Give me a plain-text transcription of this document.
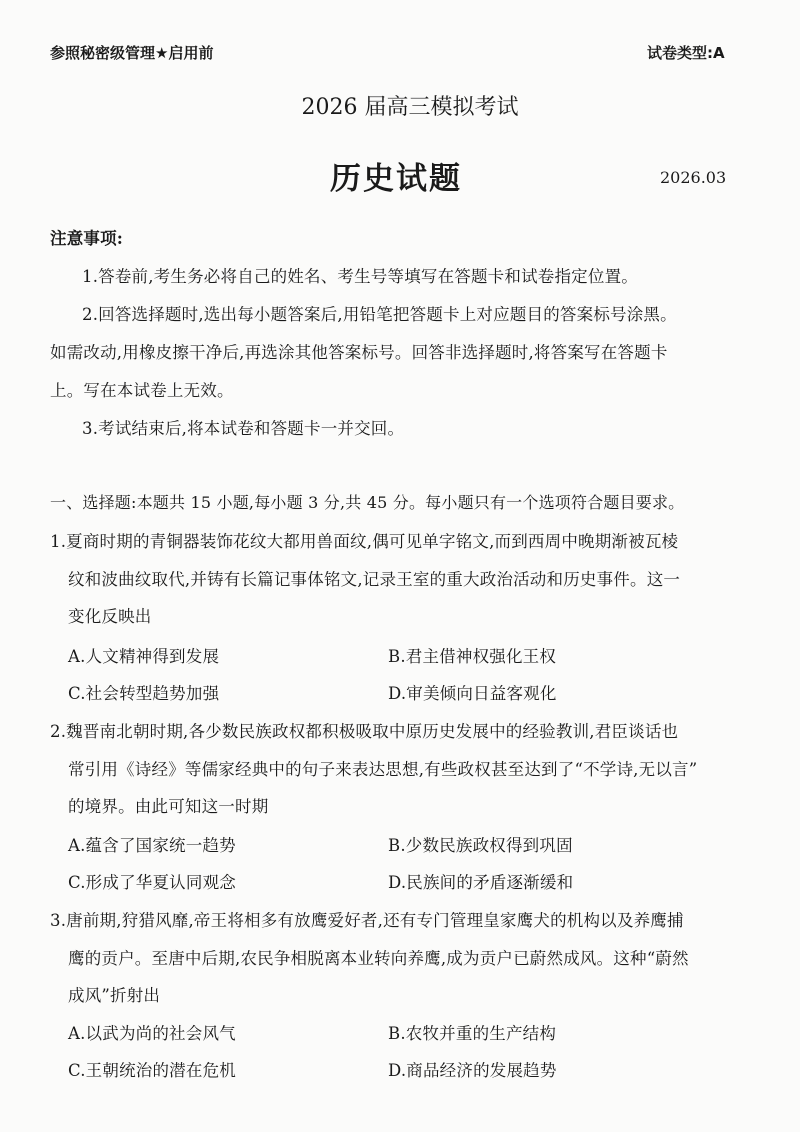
参照秘密级管理★启用前	试卷类型:A
2026 届高三模拟考试
历史试题	2026.03
注意事项:
1.答卷前,考生务必将自己的姓名、考生号等填写在答题卡和试卷指定位置。
2.回答选择题时,选出每小题答案后,用铅笔把答题卡上对应题目的答案标号涂黑。
如需改动,用橡皮擦干净后,再选涂其他答案标号。回答非选择题时,将答案写在答题卡
上。写在本试卷上无效。
3.考试结束后,将本试卷和答题卡一并交回。
一、选择题:本题共 15 小题,每小题 3 分,共 45 分。每小题只有一个选项符合题目要求。
1.夏商时期的青铜器装饰花纹大都用兽面纹,偶可见单字铭文,而到西周中晚期渐被瓦棱
纹和波曲纹取代,并铸有长篇记事体铭文,记录王室的重大政治活动和历史事件。这一
变化反映出
A.人文精神得到发展	B.君主借神权强化王权
C.社会转型趋势加强	D.审美倾向日益客观化
2.魏晋南北朝时期,各少数民族政权都积极吸取中原历史发展中的经验教训,君臣谈话也
常引用《诗经》等儒家经典中的句子来表达思想,有些政权甚至达到了“不学诗,无以言”
的境界。由此可知这一时期
A.蕴含了国家统一趋势	B.少数民族政权得到巩固
C.形成了华夏认同观念	D.民族间的矛盾逐渐缓和
3.唐前期,狩猎风靡,帝王将相多有放鹰爱好者,还有专门管理皇家鹰犬的机构以及养鹰捕
鹰的贡户。至唐中后期,农民争相脱离本业转向养鹰,成为贡户已蔚然成风。这种“蔚然
成风”折射出
A.以武为尚的社会风气	B.农牧并重的生产结构
C.王朝统治的潜在危机	D.商品经济的发展趋势
